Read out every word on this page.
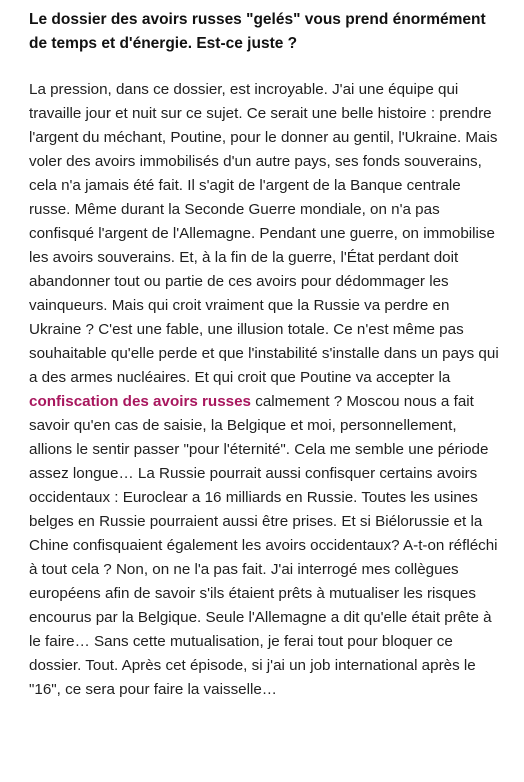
Le dossier des avoirs russes "gelés" vous prend énormément de temps et d'énergie. Est-ce juste ?

La pression, dans ce dossier, est incroyable. J'ai une équipe qui travaille jour et nuit sur ce sujet. Ce serait une belle histoire : prendre l'argent du méchant, Poutine, pour le donner au gentil, l'Ukraine. Mais voler des avoirs immobilisés d'un autre pays, ses fonds souverains, cela n'a jamais été fait. Il s'agit de l'argent de la Banque centrale russe. Même durant la Seconde Guerre mondiale, on n'a pas confisqué l'argent de l'Allemagne. Pendant une guerre, on immobilise les avoirs souverains. Et, à la fin de la guerre, l'État perdant doit abandonner tout ou partie de ces avoirs pour dédommager les vainqueurs. Mais qui croit vraiment que la Russie va perdre en Ukraine ? C'est une fable, une illusion totale. Ce n'est même pas souhaitable qu'elle perde et que l'instabilité s'installe dans un pays qui a des armes nucléaires. Et qui croit que Poutine va accepter la confiscation des avoirs russes calmement ? Moscou nous a fait savoir qu'en cas de saisie, la Belgique et moi, personnellement, allions le sentir passer "pour l'éternité". Cela me semble une période assez longue… La Russie pourrait aussi confisquer certains avoirs occidentaux : Euroclear a 16 milliards en Russie. Toutes les usines belges en Russie pourraient aussi être prises. Et si Biélorussie et la Chine confisquaient également les avoirs occidentaux? A-t-on réfléchi à tout cela ? Non, on ne l'a pas fait. J'ai interrogé mes collègues européens afin de savoir s'ils étaient prêts à mutualiser les risques encourus par la Belgique. Seule l'Allemagne a dit qu'elle était prête à le faire… Sans cette mutualisation, je ferai tout pour bloquer ce dossier. Tout. Après cet épisode, si j'ai un job international après le "16", ce sera pour faire la vaisselle…
